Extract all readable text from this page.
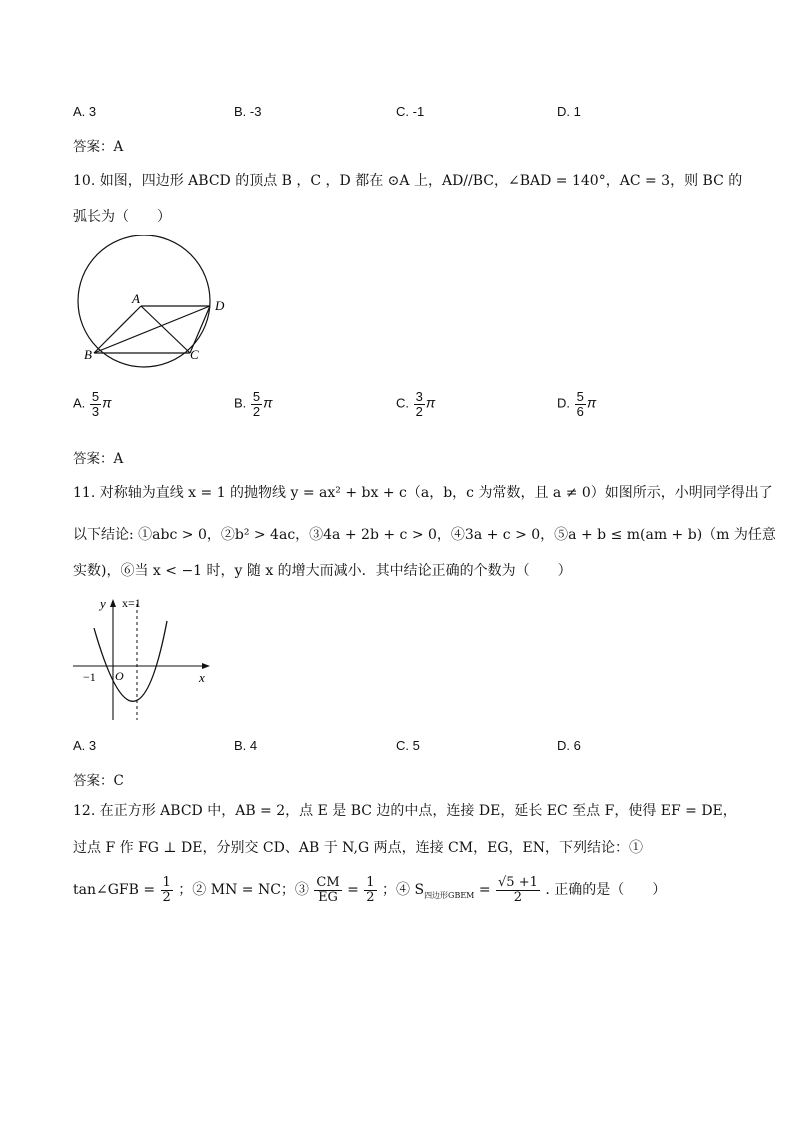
A. 3	B. -3	C. -1	D. 1
答案：A
10. 如图，四边形 ABCD 的顶点 B ，C ，D 都在 ⊙A 上，AD//BC，∠BAD = 140°，AC = 3，则 BC 的
弧长为（　　）
A	D
B	C
A. $\frac{5}{3}$ π	B. $\frac{5}{2}$ π	C. $\frac{3}{2}$ π	D. $\frac{5}{6}$ π
答案：A
11. 对称轴为直线 x = 1 的抛物线 y = ax² + bx + c（a，b，c 为常数，且 a ≠ 0）如图所示，小明同学得出了
以下结论: ①abc > 0，②b² > 4ac，③4a + 2b + c > 0，④3a + c > 0，⑤a + b ≤ m(am + b)（m 为任意
实数)，⑥当 x < −1 时，y 随 x 的增大而减小．其中结论正确的个数为（　　）
y x=1
x
O
−1
A. 3	B. 4	C. 5	D. 6
答案：C
12. 在正方形 ABCD 中，AB = 2，点 E 是 BC 边的中点，连接 DE，延长 EC 至点 F，使得 EF = DE，
过点 F 作 FG ⊥ DE，分别交 CD、AB 于 N,G 两点，连接 CM，EG，EN，下列结论：①
tan∠GFB = $\frac{1}{2}$ ；② MN = NC；③ $\frac{CM}{EG} = \frac{1}{2}$ ；④ $S_{四边形GBEM} = \frac{√5 +1}{2}$ . 正确的是（　　）
